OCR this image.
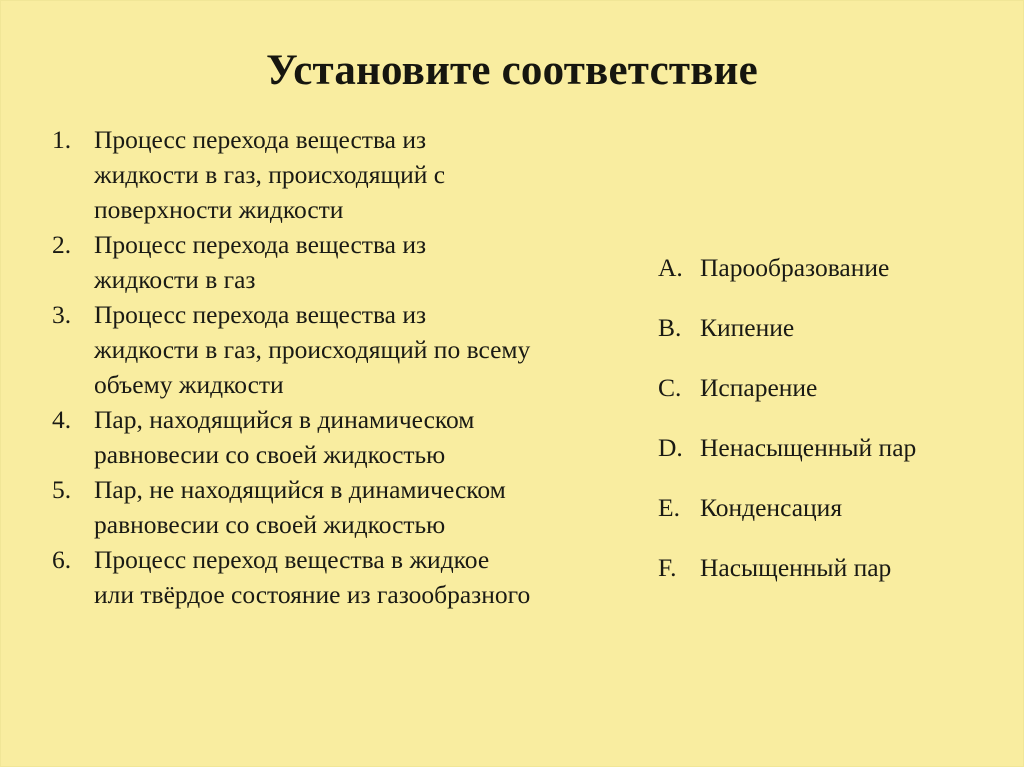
Установите соответствие
1. Процесс перехода вещества из жидкости в газ, происходящий с поверхности жидкости
2. Процесс перехода вещества из жидкости в газ
3. Процесс перехода вещества из жидкости в газ, происходящий по всему объему жидкости
4. Пар, находящийся в динамическом равновесии со своей жидкостью
5. Пар, не находящийся в динамическом равновесии со своей жидкостью
6. Процесс переход вещества в жидкое или твёрдое состояние из газообразного
A. Парообразование
B. Кипение
C. Испарение
D. Ненасыщенный пар
E. Конденсация
F. Насыщенный пар
